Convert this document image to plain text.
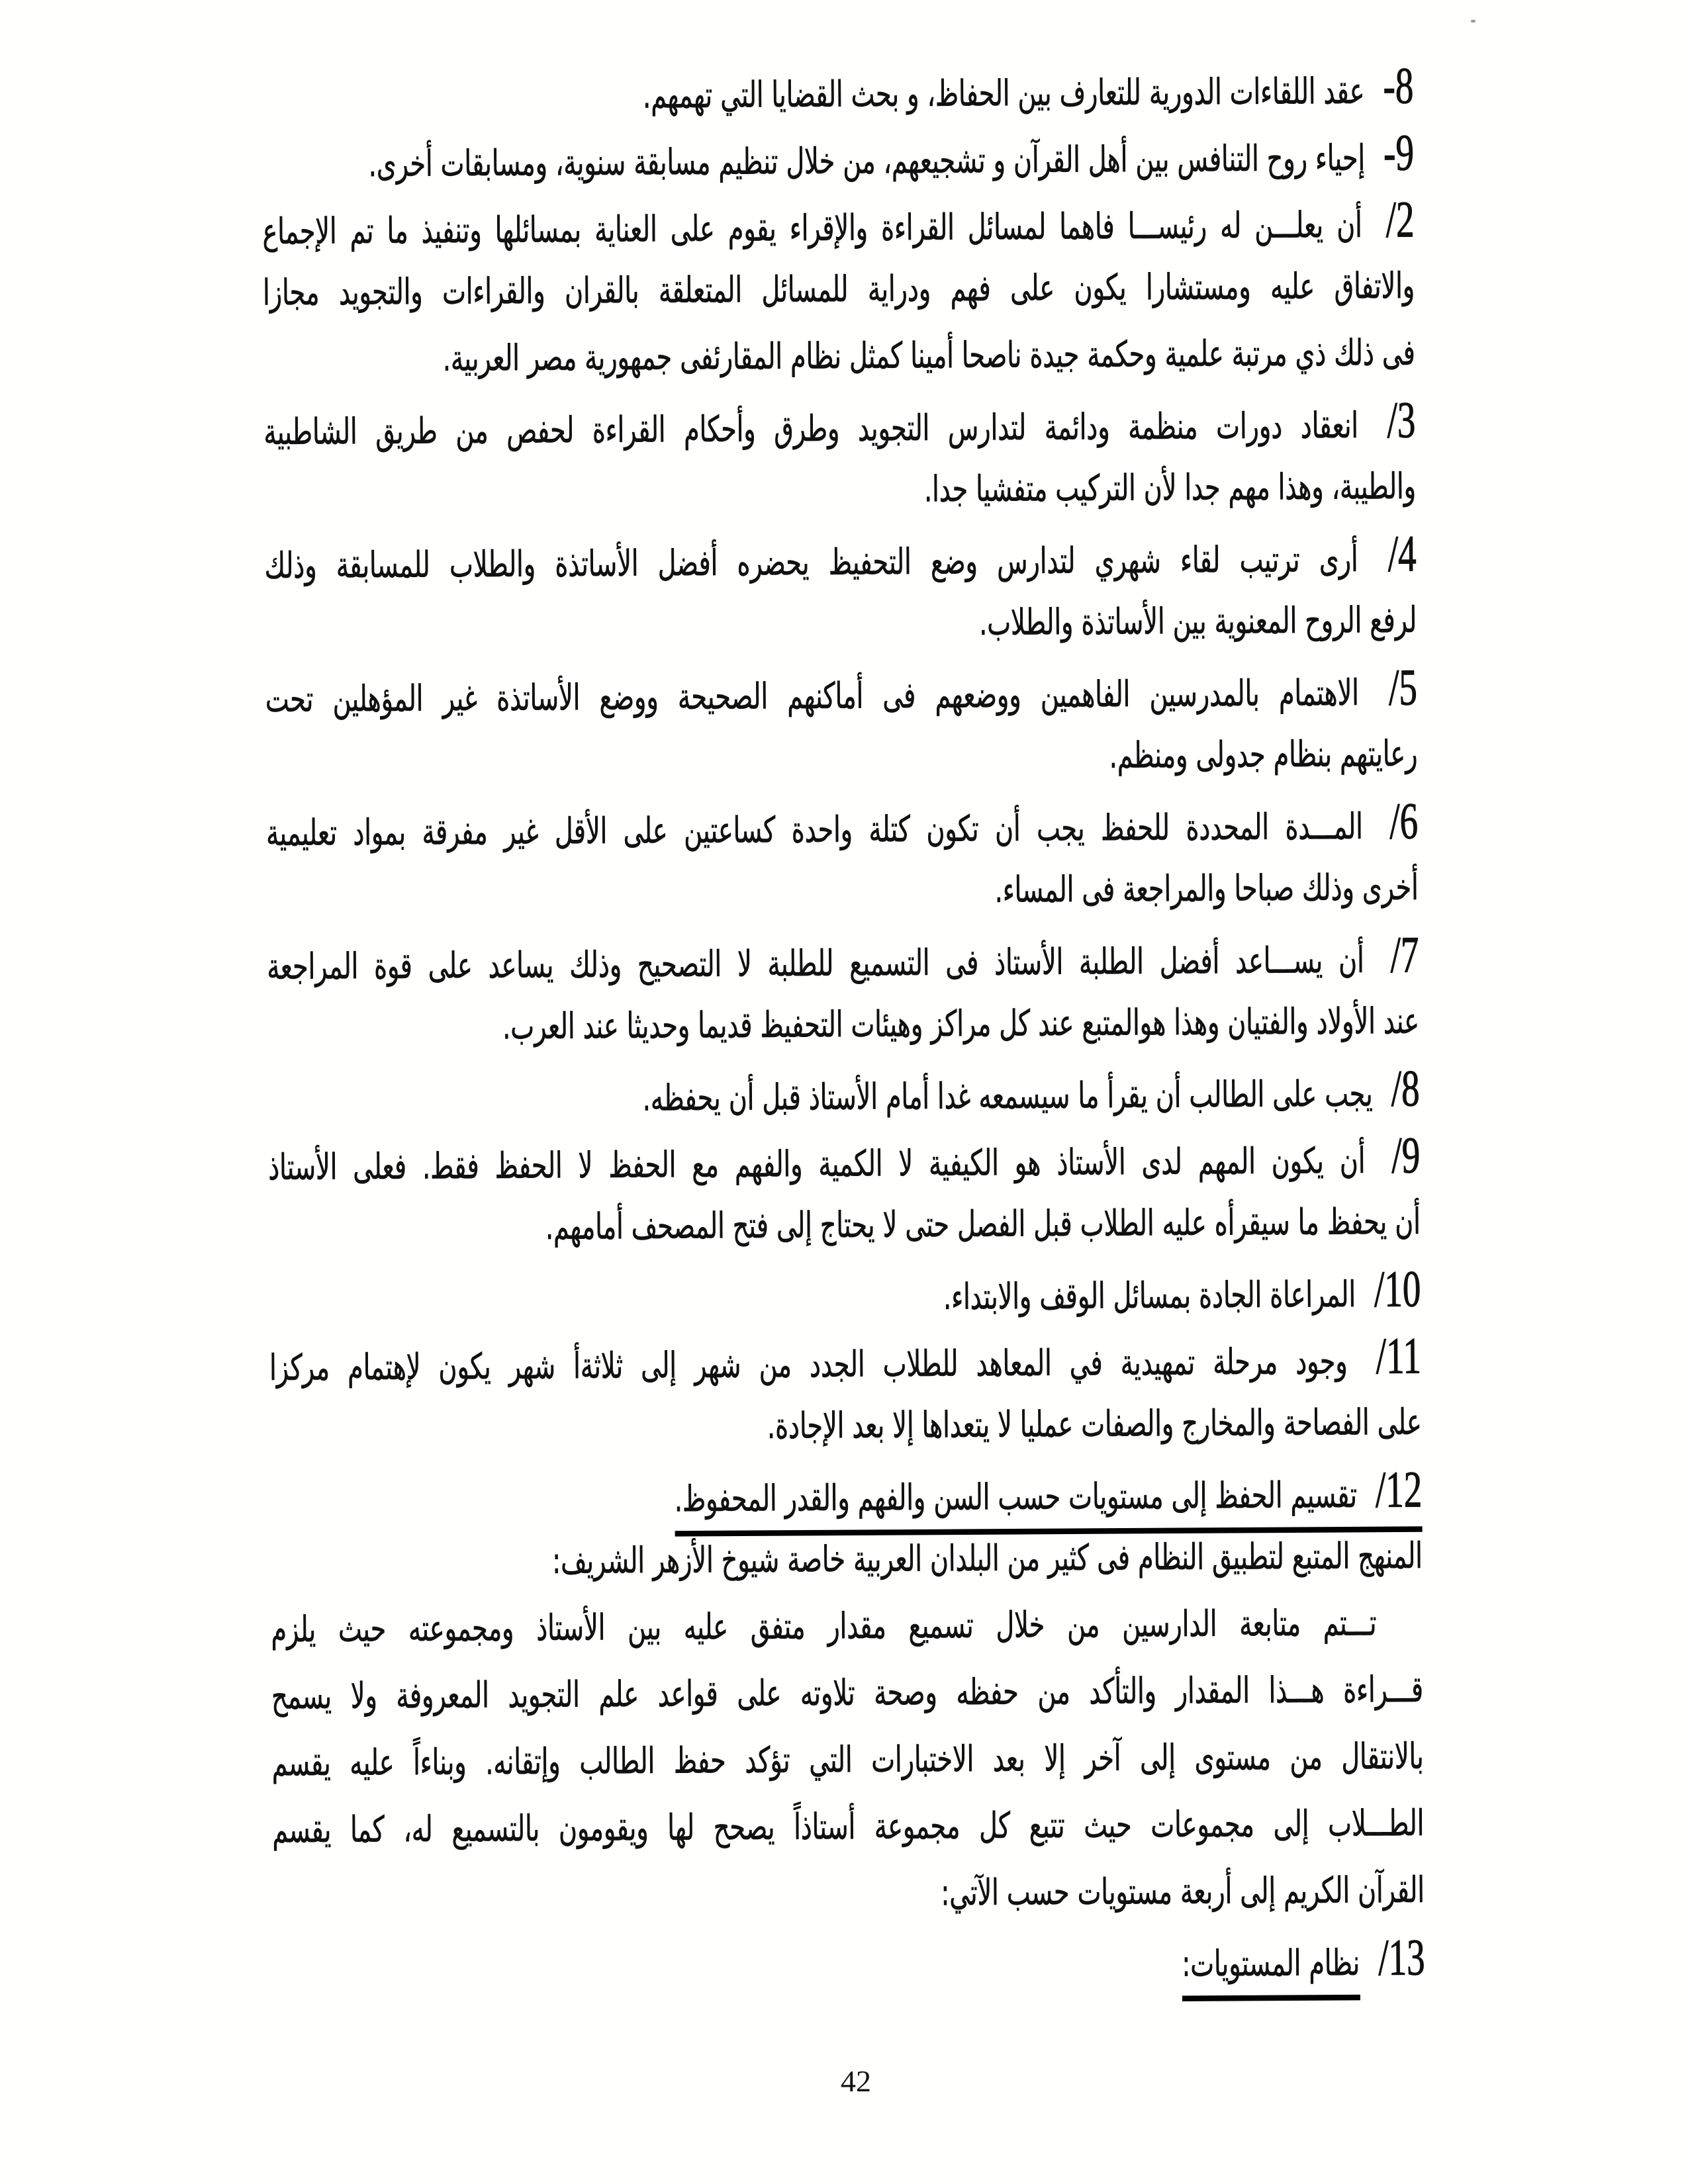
8- عقد اللقاءات الدورية للتعارف بين الحفاظ، و بحث القضايا التي تهمهم.
9- إحياء روح التنافس بين أهل القرآن و تشجيعهم، من خلال تنظيم مسابقة سنوية، ومسابقات أخرى.
2/ أن يعلـــن له رئيســـا فاهما لمسائل القراءة والإقراء يقوم على العناية بمسائلها وتنفيذ ما تم الإجماع
والاتفاق عليه ومستشارا يكون على فهم ودراية للمسائل المتعلقة بالقران والقراءات والتجويد مجازا
فى ذلك ذي مرتبة علمية وحكمة جيدة ناصحا أمينا كمثل نظام المقارئفى جمهورية مصر العربية.
3/ انعقاد دورات منظمة ودائمة لتدارس التجويد وطرق وأحكام القراءة لحفص من طريق الشاطبية
والطيبة، وهذا مهم جدا لأن التركيب متفشيا جدا.
4/ أرى ترتيب لقاء شهري لتدارس وضع التحفيظ يحضره أفضل الأساتذة والطلاب للمسابقة وذلك
لرفع الروح المعنوية بين الأساتذة والطلاب.
5/ الاهتمام بالمدرسين الفاهمين ووضعهم فى أماكنهم الصحيحة ووضع الأساتذة غير المؤهلين تحت
رعايتهم بنظام جدولى ومنظم.
6/ المـــدة المحددة للحفظ يجب أن تكون كتلة واحدة كساعتين على الأقل غير مفرقة بمواد تعليمية
أخرى وذلك صباحا والمراجعة فى المساء.
7/ أن يســـاعد أفضل الطلبة الأستاذ فى التسميع للطلبة لا التصحيح وذلك يساعد على قوة المراجعة
عند الأولاد والفتيان وهذا هوالمتبع عند كل مراكز وهيئات التحفيظ قديما وحديثا عند العرب.
8/ يجب على الطالب أن يقرأ ما سيسمعه غدا أمام الأستاذ قبل أن يحفظه.
9/ أن يكون المهم لدى الأستاذ هو الكيفية لا الكمية والفهم مع الحفظ لا الحفظ فقط. فعلى الأستاذ
أن يحفظ ما سيقرأه عليه الطلاب قبل الفصل حتى لا يحتاج إلى فتح المصحف أمامهم.
10/ المراعاة الجادة بمسائل الوقف والابتداء.
11/ وجود مرحلة تمهيدية في المعاهد للطلاب الجدد من شهر إلى ثلاثةأ شهر يكون لإهتمام مركزا
على الفصاحة والمخارج والصفات عمليا لا يتعداها إلا بعد الإجادة.
12/ تقسيم الحفظ إلى مستويات حسب السن والفهم والقدر المحفوظ.
المنهج المتبع لتطبيق النظام فى كثير من البلدان العربية خاصة شيوخ الأزهر الشريف:
تـــتم متابعة الدارسين من خلال تسميع مقدار متفق عليه بين الأستاذ ومجموعته حيث يلزم
قـــراءة هـــذا المقدار والتأكد من حفظه وصحة تلاوته على قواعد علم التجويد المعروفة ولا يسمح
بالانتقال من مستوى إلى آخر إلا بعد الاختبارات التي تؤكد حفظ الطالب وإتقانه. وبناءاً عليه يقسم
الطـــلاب إلى مجموعات حيث تتبع كل مجموعة أستاذاً يصحح لها ويقومون بالتسميع له، كما يقسم
القرآن الكريم إلى أربعة مستويات حسب الآتي:
13/ نظام المستويات:
42
